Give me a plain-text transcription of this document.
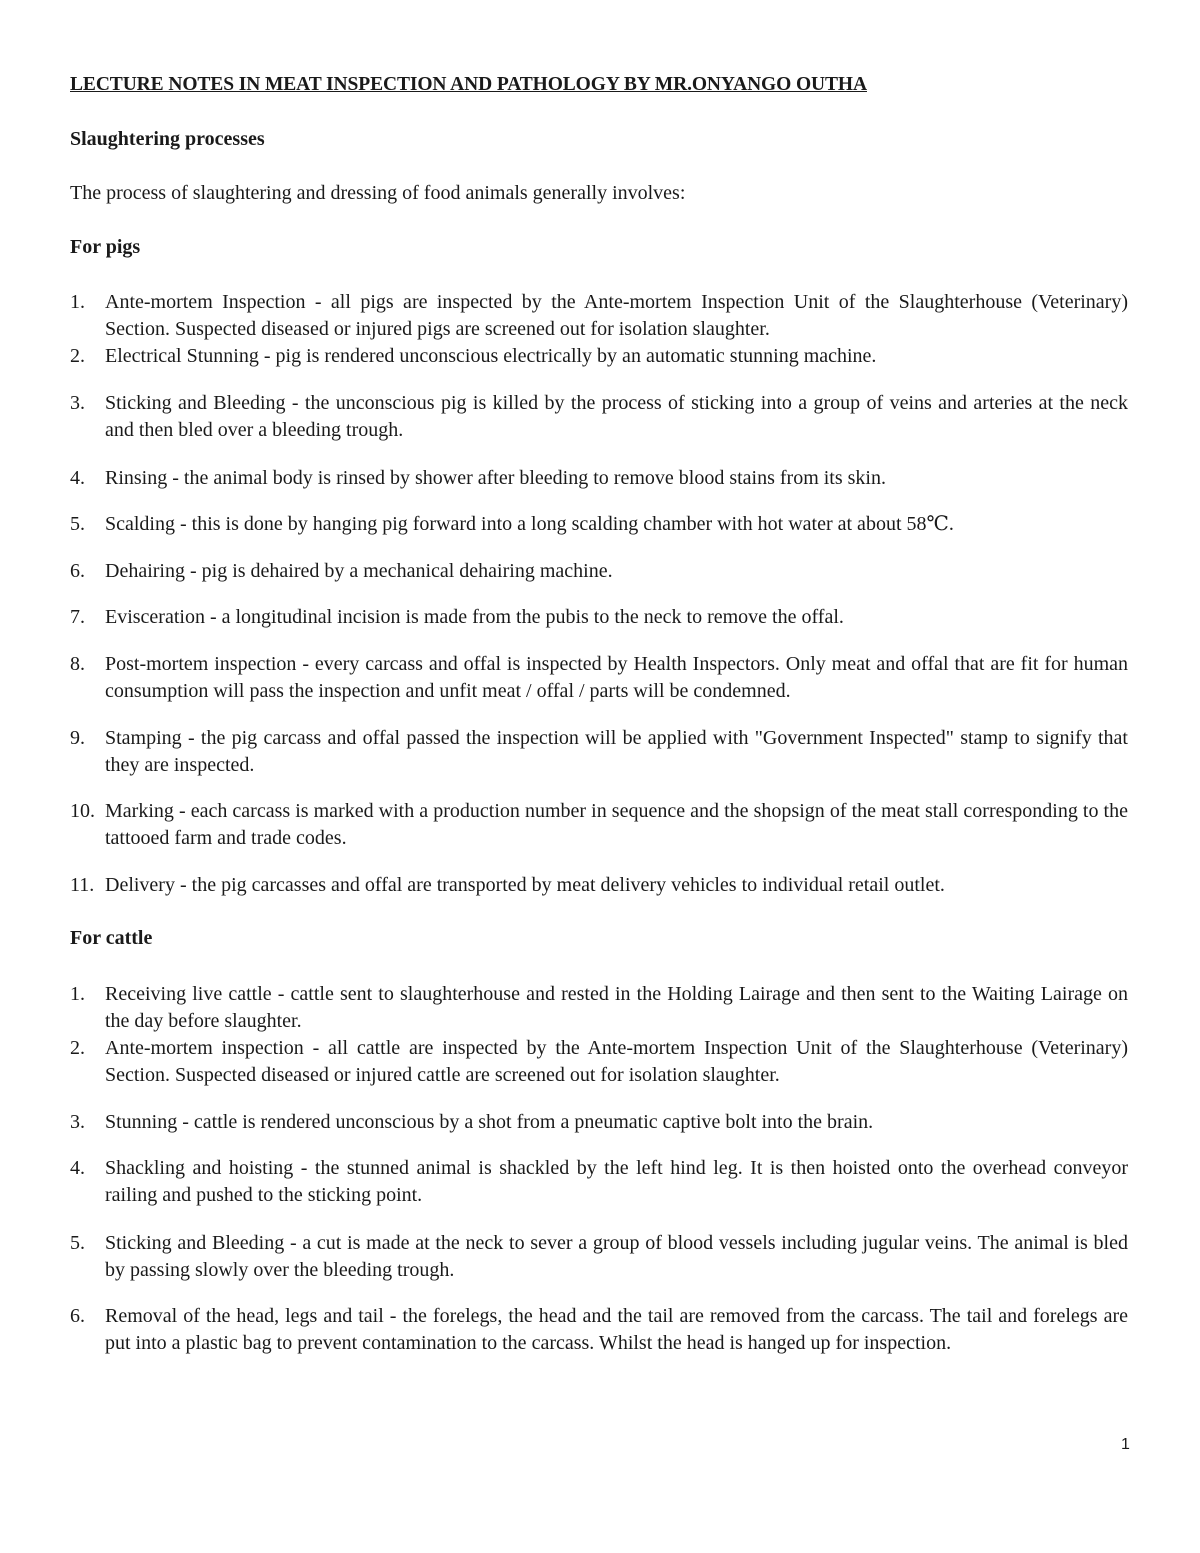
LECTURE NOTES IN MEAT INSPECTION AND PATHOLOGY BY MR.ONYANGO OUTHA
Slaughtering processes
The process of slaughtering and dressing of food animals generally involves:
For pigs
1.	Ante-mortem Inspection - all pigs are inspected by the Ante-mortem Inspection Unit of the Slaughterhouse (Veterinary) Section. Suspected diseased or injured pigs are screened out for isolation slaughter.
2.	Electrical Stunning - pig is rendered unconscious electrically by an automatic stunning machine.
3.	Sticking and Bleeding - the unconscious pig is killed by the process of sticking into a group of veins and arteries at the neck and then bled over a bleeding trough.
4.	Rinsing - the animal body is rinsed by shower after bleeding to remove blood stains from its skin.
5.	Scalding - this is done by hanging pig forward into a long scalding chamber with hot water at about 58℃.
6.	Dehairing - pig is dehaired by a mechanical dehairing machine.
7.	Evisceration - a longitudinal incision is made from the pubis to the neck to remove the offal.
8.	Post-mortem inspection - every carcass and offal is inspected by Health Inspectors. Only meat and offal that are fit for human consumption will pass the inspection and unfit meat / offal / parts will be condemned.
9.	Stamping - the pig carcass and offal passed the inspection will be applied with "Government Inspected" stamp to signify that they are inspected.
10. Marking - each carcass is marked with a production number in sequence and the shopsign of the meat stall corresponding to the tattooed farm and trade codes.
11. Delivery - the pig carcasses and offal are transported by meat delivery vehicles to individual retail outlet.
For cattle
1.	Receiving live cattle - cattle sent to slaughterhouse and rested in the Holding Lairage and then sent to the Waiting Lairage on the day before slaughter.
2.	Ante-mortem inspection - all cattle are inspected by the Ante-mortem Inspection Unit of the Slaughterhouse (Veterinary) Section. Suspected diseased or injured cattle are screened out for isolation slaughter.
3.	Stunning - cattle is rendered unconscious by a shot from a pneumatic captive bolt into the brain.
4.	Shackling and hoisting - the stunned animal is shackled by the left hind leg. It is then hoisted onto the overhead conveyor railing and pushed to the sticking point.
5.	Sticking and Bleeding - a cut is made at the neck to sever a group of blood vessels including jugular veins. The animal is bled by passing slowly over the bleeding trough.
6.	Removal of the head, legs and tail - the forelegs, the head and the tail are removed from the carcass. The tail and forelegs are put into a plastic bag to prevent contamination to the carcass. Whilst the head is hanged up for inspection.
1
